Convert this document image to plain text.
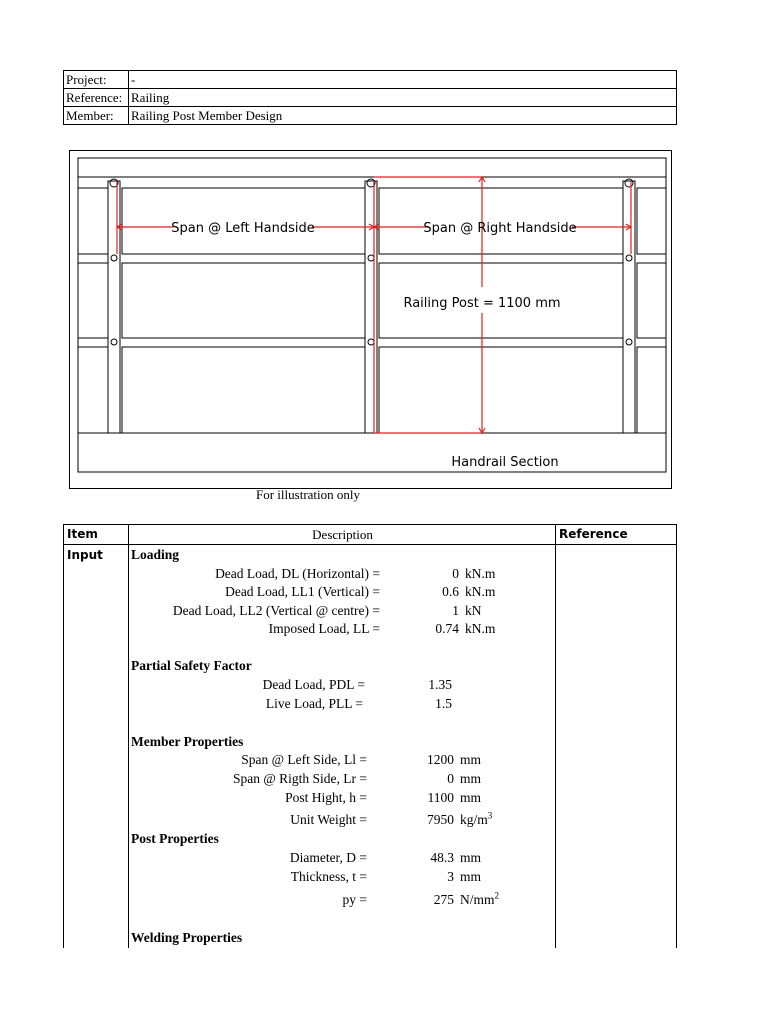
Project:	-
Reference:	Railing
Member:	Railing Post Member Design
Span @ Left Handside	Span @ Right Handside
Railing Post = 1100 mm
Handrail Section
For illustration only
Item	Description	Reference
Input Loading
Dead Load, DL (Horizontal) =	0 kN.m
Dead Load, LL1 (Vertical) =	0.6 kN.m
Dead Load, LL2 (Vertical @ centre) =	1 kN
Imposed Load, LL =	0.74 kN.m
Partial Safety Factor
Dead Load, PDL =	1.35
Live Load, PLL =	1.5
Member Properties
Span @ Left Side, Ll =	1200 mm
Span @ Rigth Side, Lr =	0 mm
Post Hight, h =	1100 mm
Unit Weight =	7950 $kg/m^3$
Post Properties
Diameter, D =	48.3 mm
Thickness, t =	3 mm
py =	275 $N/mm^2$
Welding Properties
